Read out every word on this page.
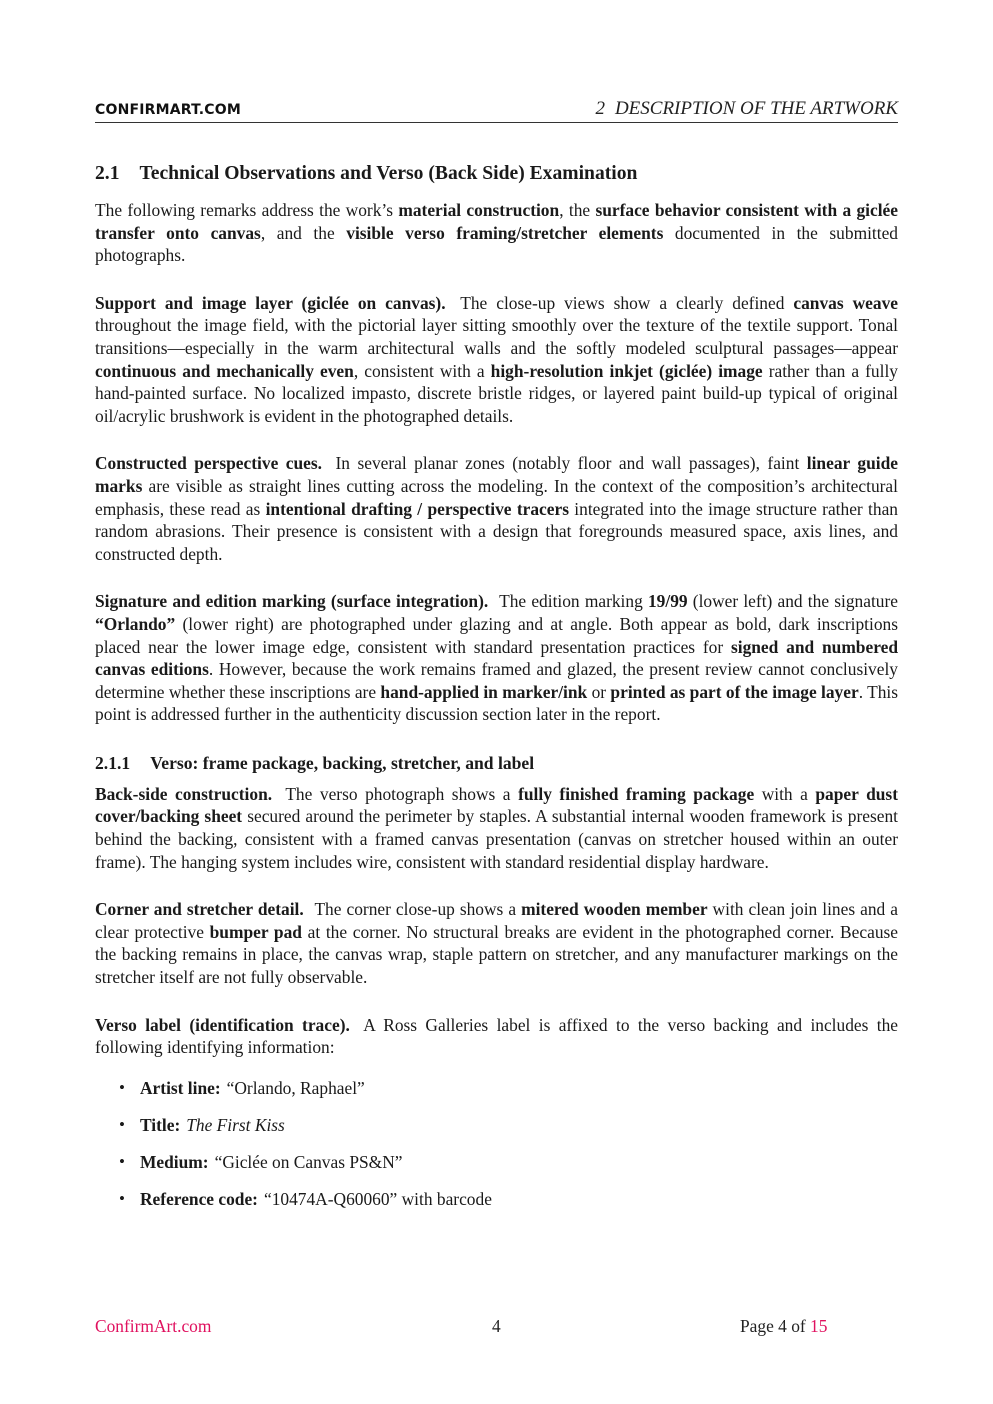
CONFIRMART.COM	2 DESCRIPTION OF THE ARTWORK
2.1 Technical Observations and Verso (Back Side) Examination

The following remarks address the work’s material construction, the surface behavior consistent with a giclée transfer onto canvas, and the visible verso framing/stretcher elements documented in the submitted photographs.

Support and image layer (giclée on canvas). The close-up views show a clearly defined canvas weave throughout the image field, with the pictorial layer sitting smoothly over the texture of the textile support. Tonal transitions—especially in the warm architectural walls and the softly modeled sculptural passages—appear continuous and mechanically even, consistent with a high-resolution inkjet (giclée) image rather than a fully hand-painted surface. No localized impasto, discrete bristle ridges, or layered paint build-up typical of original oil/acrylic brushwork is evident in the photographed details.

Constructed perspective cues. In several planar zones (notably floor and wall passages), faint linear guide marks are visible as straight lines cutting across the modeling. In the context of the composition’s architectural emphasis, these read as intentional drafting / perspective tracers integrated into the image structure rather than random abrasions. Their presence is consistent with a design that foregrounds measured space, axis lines, and constructed depth.

Signature and edition marking (surface integration). The edition marking 19/99 (lower left) and the signature “Orlando” (lower right) are photographed under glazing and at angle. Both appear as bold, dark inscriptions placed near the lower image edge, consistent with standard presentation practices for signed and numbered canvas editions. However, because the work remains framed and glazed, the present review cannot conclusively determine whether these inscriptions are hand-applied in marker/ink or printed as part of the image layer. This point is addressed further in the authenticity discussion section later in the report.

2.1.1 Verso: frame package, backing, stretcher, and label

Back-side construction. The verso photograph shows a fully finished framing package with a paper dust cover/backing sheet secured around the perimeter by staples. A substantial internal wooden framework is present behind the backing, consistent with a framed canvas presentation (canvas on stretcher housed within an outer frame). The hanging system includes wire, consistent with standard residential display hardware.

Corner and stretcher detail. The corner close-up shows a mitered wooden member with clean join lines and a clear protective bumper pad at the corner. No structural breaks are evident in the photographed corner. Because the backing remains in place, the canvas wrap, staple pattern on stretcher, and any manufacturer markings on the stretcher itself are not fully observable.

Verso label (identification trace). A Ross Galleries label is affixed to the verso backing and includes the following identifying information:

• Artist line: “Orlando, Raphael”
• Title: The First Kiss
• Medium: “Giclée on Canvas PS&N”
• Reference code: “10474A-Q60060” with barcode
ConfirmArt.com	4	Page 4 of 15
